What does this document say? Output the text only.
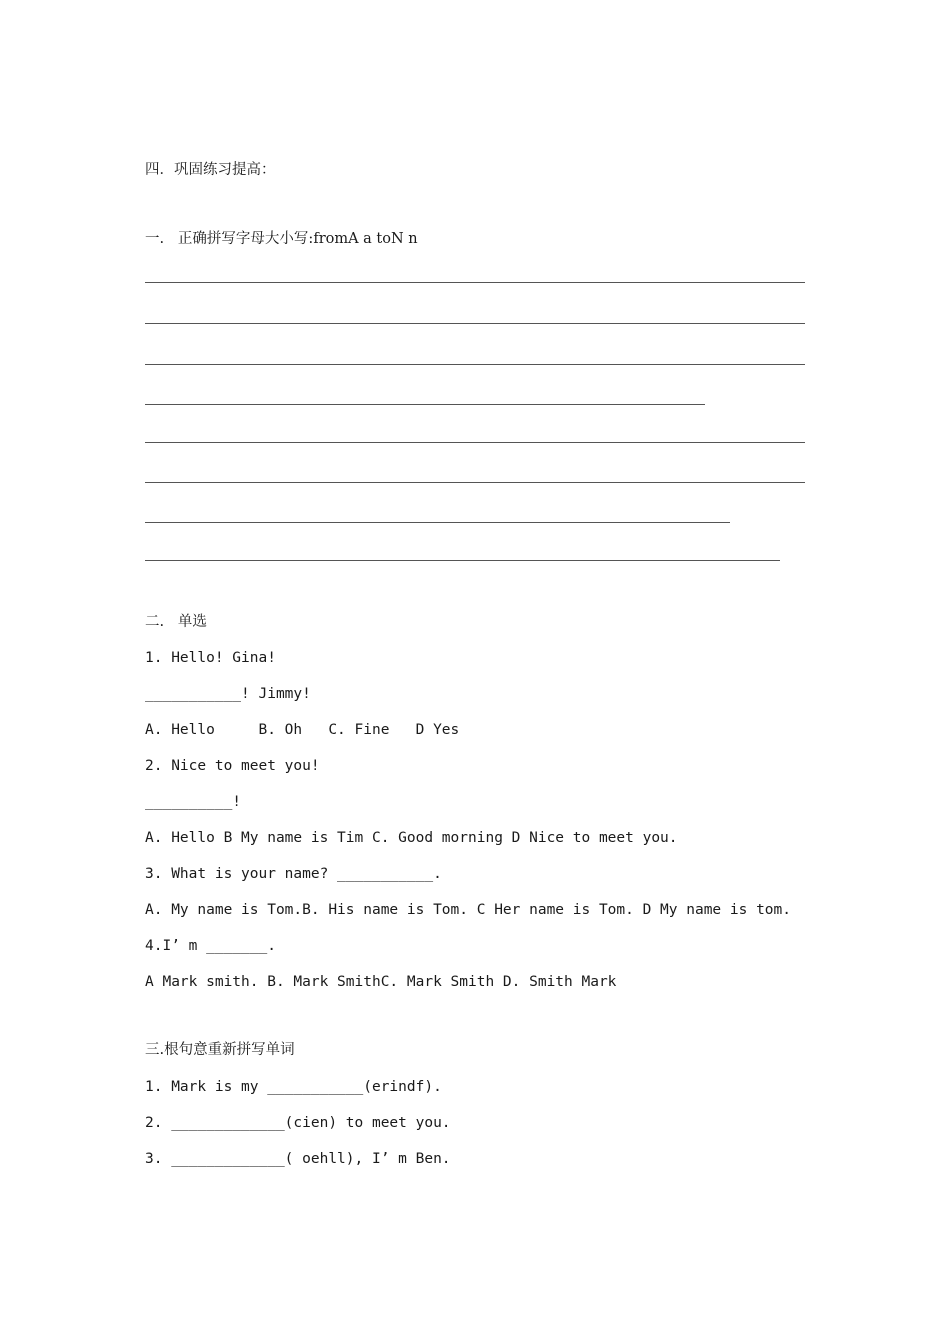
四．巩固练习提高：
一.   正确拼写字母大小写:fromA a toN n
二.   单选
1. Hello! Gina!
___________! Jimmy!
A. Hello     B. Oh   C. Fine   D Yes
2. Nice to meet you!
__________!
A. Hello B My name is Tim C. Good morning D Nice to meet you.
3. What is your name? ___________.
A. My name is Tom.B. His name is Tom. C Her name is Tom. D My name is tom.
4.I’ m _______.
A Mark smith. B. Mark SmithC. Mark Smith D. Smith Mark
三.根句意重新拼写单词
1. Mark is my ___________(erindf).
2. _____________(cien) to meet you.
3. _____________( oehll), I’ m Ben.
